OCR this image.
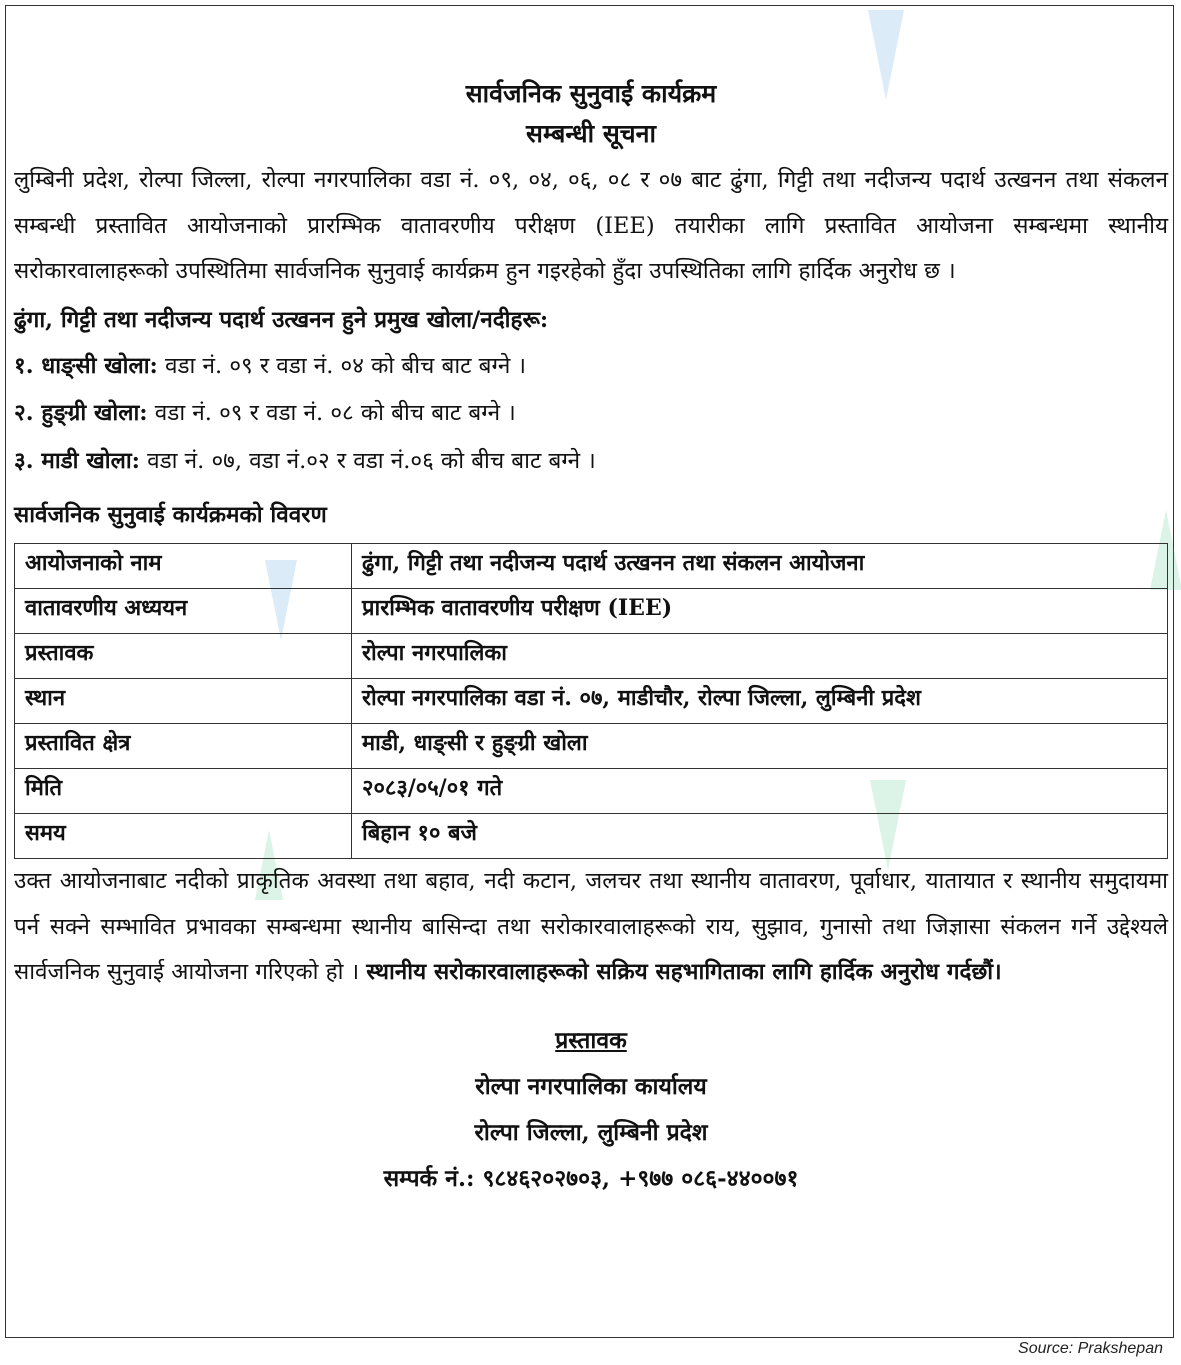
सार्वजनिक सुनुवाई कार्यक्रम
सम्बन्धी सूचना

लुम्बिनी प्रदेश, रोल्पा जिल्ला, रोल्पा नगरपालिका वडा नं. ०९, ०४, ०६, ०८ र ०७ बाट ढुंगा, गिट्टी तथा नदीजन्य पदार्थ उत्खनन तथा संकलन सम्बन्धी प्रस्तावित आयोजनाको प्रारम्भिक वातावरणीय परीक्षण (IEE) तयारीका लागि प्रस्तावित आयोजना सम्बन्धमा स्थानीय सरोकारवालाहरूको उपस्थितिमा सार्वजनिक सुनुवाई कार्यक्रम हुन गइरहेको हुँदा उपस्थितिका लागि हार्दिक अनुरोध छ ।

ढुंगा, गिट्टी तथा नदीजन्य पदार्थ उत्खनन हुने प्रमुख खोला/नदीहरू:
१. धाङ्सी खोला: वडा नं. ०९ र वडा नं. ०४ को बीच बाट बग्ने ।
२. हुङ्ग्री खोला: वडा नं. ०९ र वडा नं. ०८ को बीच बाट बग्ने ।
३. माडी खोला: वडा नं. ०७, वडा नं.०२ र वडा नं.०६ को बीच बाट बग्ने ।
सार्वजनिक सुनुवाई कार्यक्रमको विवरण
आयोजनाको नाम	ढुंगा, गिट्टी तथा नदीजन्य पदार्थ उत्खनन तथा संकलन आयोजना
वातावरणीय अध्ययन	प्रारम्भिक वातावरणीय परीक्षण (IEE)
प्रस्तावक	रोल्पा नगरपालिका
स्थान	रोल्पा नगरपालिका वडा नं. ०७, माडीचौर, रोल्पा जिल्ला, लुम्बिनी प्रदेश
प्रस्तावित क्षेत्र	माडी, धाङ्सी र हुङ्ग्री खोला
मिति	२०८३/०५/०१ गते
समय	बिहान १० बजे

उक्त आयोजनाबाट नदीको प्राकृतिक अवस्था तथा बहाव, नदी कटान, जलचर तथा स्थानीय वातावरण, पूर्वाधार, यातायात र स्थानीय समुदायमा पर्न सक्ने सम्भावित प्रभावका सम्बन्धमा स्थानीय बासिन्दा तथा सरोकारवालाहरूको राय, सुझाव, गुनासो तथा जिज्ञासा संकलन गर्ने उद्देश्यले सार्वजनिक सुनुवाई आयोजना गरिएको हो । स्थानीय सरोकारवालाहरूको सक्रिय सहभागिताका लागि हार्दिक अनुरोध गर्दछौं।

प्रस्तावक
रोल्पा नगरपालिका कार्यालय
रोल्पा जिल्ला, लुम्बिनी प्रदेश
सम्पर्क नं.: ९८४६२०२७०३, +९७७ ०८६-४४००७१
Source: Prakshepan
